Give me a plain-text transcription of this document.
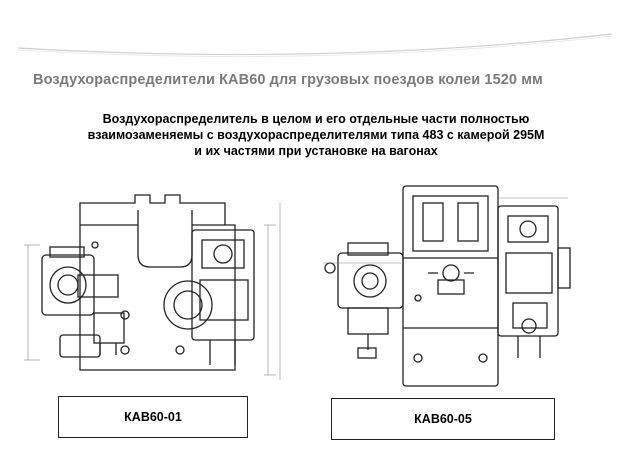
Воздухораспределители КАВ60 для грузовых поездов колеи 1520 мм
Воздухораспределитель в целом и его отдельные части полностью
взаимозаменяемы с воздухораспределителями типа 483 с камерой 295М
и их частями при установке на вагонах
КАВ60-01	КАВ60-05
